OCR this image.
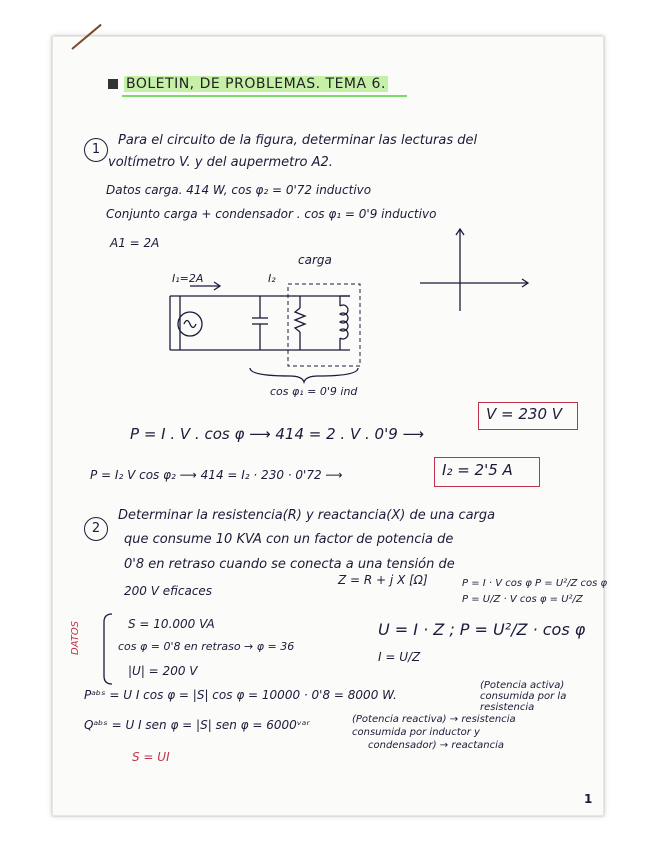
BOLETIN, DE PROBLEMAS. TEMA 6.
1
Para el circuito de la figura, determinar las lecturas del
voltímetro V. y del aupermetro A2.
Datos carga. 414 W, cos φ₂ = 0'72 inductivo
Conjunto carga + condensador . cos φ₁ = 0'9 inductivo
A1 = 2A
carga
I₁=2A	I₂
cos φ₁ = 0'9 ind
P = I . V . cos φ ⟶ 414 = 2 . V . 0'9 ⟶
V = 230 V
P = I₂ V cos φ₂ ⟶ 414 = I₂ · 230 · 0'72 ⟶	I₂ = 2'5 A
2
Determinar la resistencia(R) y reactancia(X) de una carga
que consume 10 KVA con un factor de potencia de
0'8 en retraso cuando se conecta a una tensión de
200 V eficaces
Z = R + j X [Ω]	P = I · V cos φ P = U²/Z cos φ
P = U/Z · V cos φ = U²/Z
DATOS	S = 10.000 VA
cos φ = 0'8 en retraso → φ = 36
|U| = 200 V
U = I · Z ; P = U²/Z · cos φ
I = U/Z
Pᵃᵇˢ = U I cos φ = |S| cos φ = 10000 · 0'8 = 8000 W.
(Potencia activa) consumida por la resistencia
Qᵃᵇˢ = U I sen φ = |S| sen φ = 6000ᵛᵃʳ	(Potencia reactiva) → resistencia
consumida por inductor y
condensador) → reactancia
S = UI
1
